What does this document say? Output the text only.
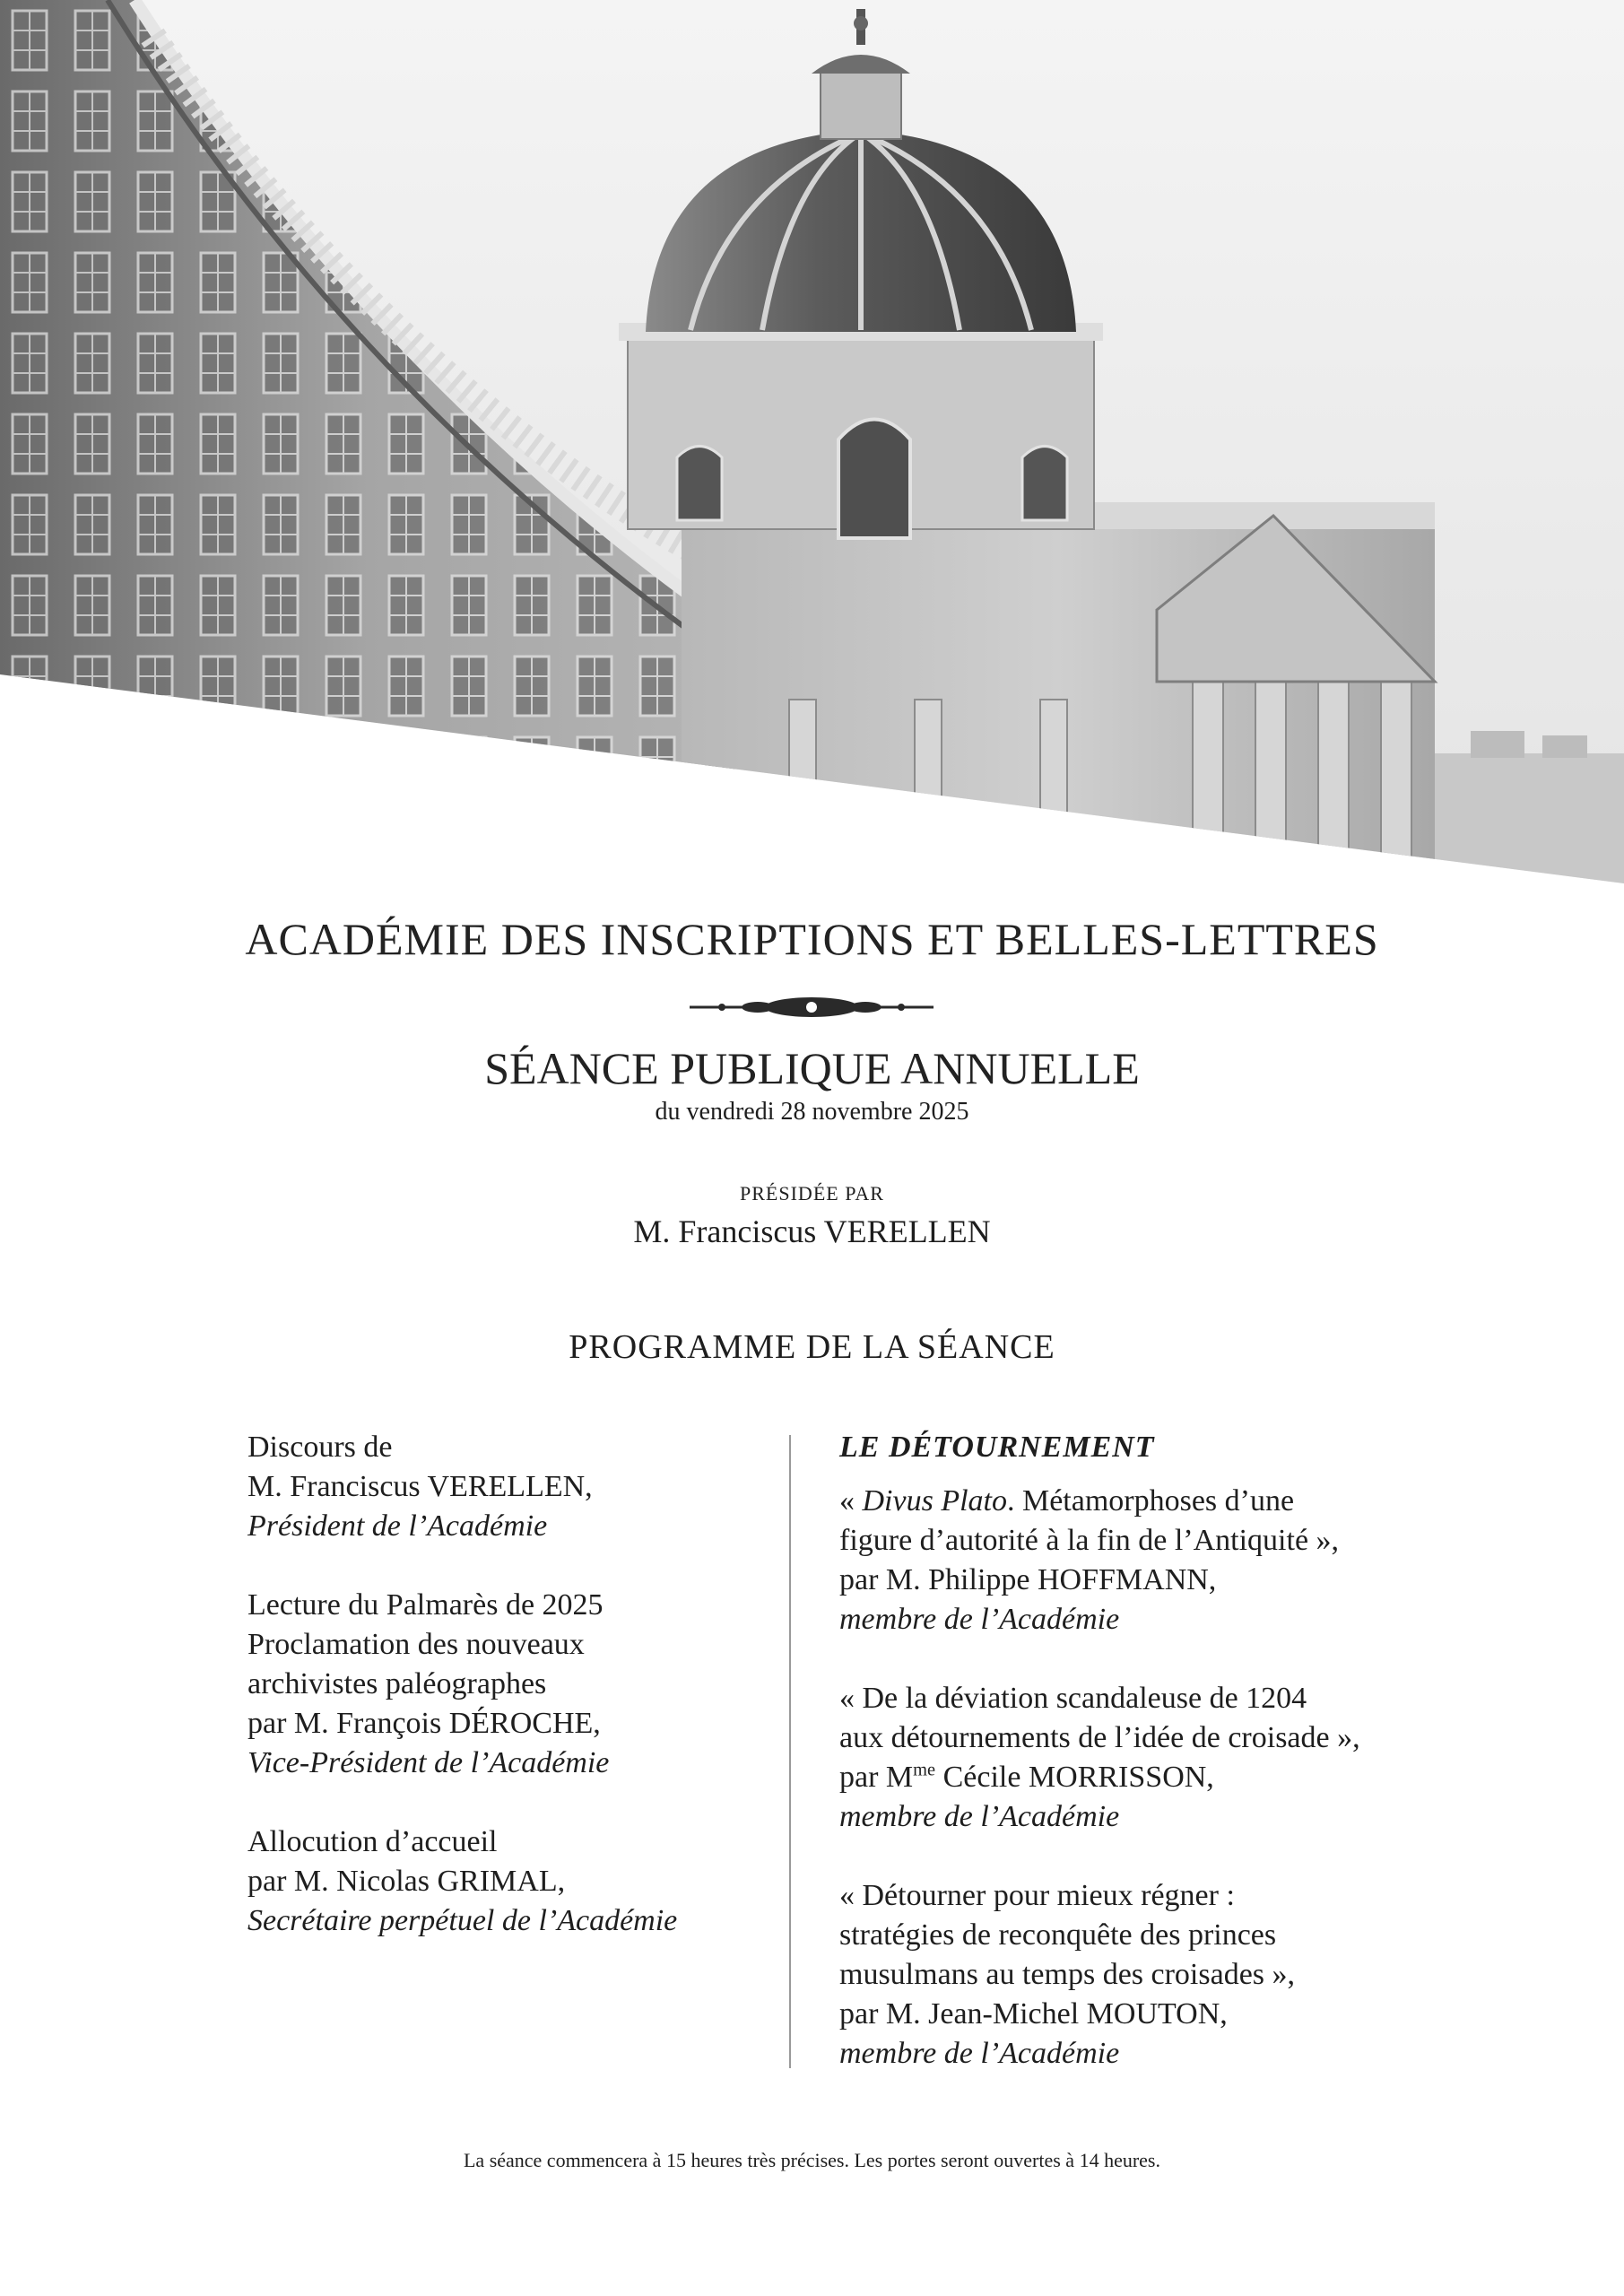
ACADÉMIE DES INSCRIPTIONS ET BELLES-LETTRES
SÉANCE PUBLIQUE ANNUELLE
du vendredi 28 novembre 2025
PRÉSIDÉE PAR
M. Franciscus VERELLEN
PROGRAMME DE LA SÉANCE
Discours de
M. Franciscus VERELLEN,
Président de l’Académie
Lecture du Palmarès de 2025
Proclamation des nouveaux
archivistes paléographes
par M. François DÉROCHE,
Vice-Président de l’Académie
Allocution d’accueil
par M. Nicolas GRIMAL,
Secrétaire perpétuel de l’Académie
LE DÉTOURNEMENT
« Divus Plato. Métamorphoses d’une
figure d’autorité à la fin de l’Antiquité »,
par M. Philippe HOFFMANN,
membre de l’Académie
« De la déviation scandaleuse de 1204
aux détournements de l’idée de croisade »,
par $M^{me}$ Cécile MORRISSON,
membre de l’Académie
« Détourner pour mieux régner :
stratégies de reconquête des princes
musulmans au temps des croisades »,
par M. Jean-Michel MOUTON,
membre de l’Académie
La séance commencera à 15 heures très précises. Les portes seront ouvertes à 14 heures.
